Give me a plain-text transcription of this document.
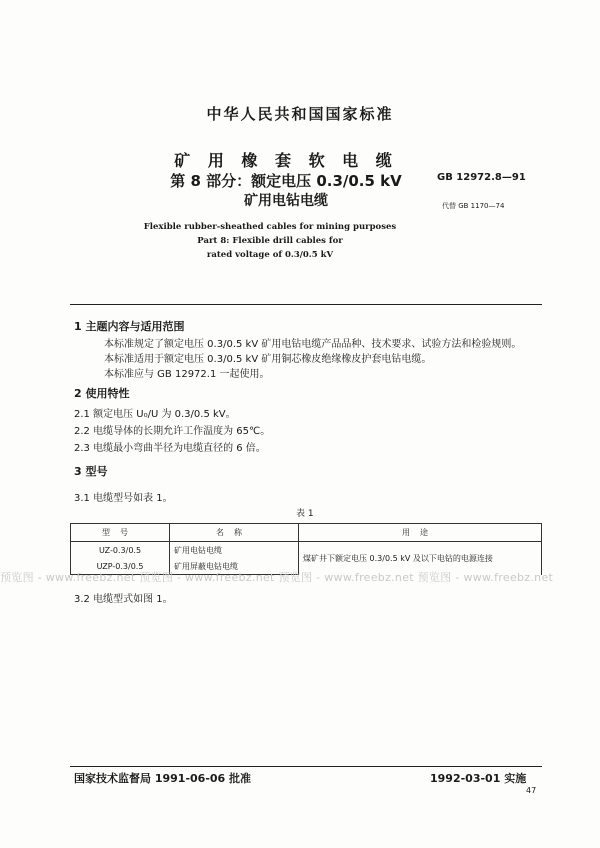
中华人民共和国国家标准
矿 用 橡 套 软 电 缆
第 8 部分：额定电压 0.3/0.5 kV
矿用电钻电缆
GB 12972.8—91
代替 GB 1170—74
Flexible rubber-sheathed cables for mining purposes
Part 8: Flexible drill cables for
rated voltage of 0.3/0.5 kV
1 主题内容与适用范围
本标准规定了额定电压 0.3/0.5 kV 矿用电钻电缆产品品种、技术要求、试验方法和检验规则。
本标准适用于额定电压 0.3/0.5 kV 矿用铜芯橡皮绝缘橡皮护套电钻电缆。
本标准应与 GB 12972.1 一起使用。
2 使用特性
2.1 额定电压 U₀/U 为 0.3/0.5 kV。
2.2 电缆导体的长期允许工作温度为 65℃。
2.3 电缆最小弯曲半径为电缆直径的 6 倍。
3 型号
3.1 电缆型号如表 1。
表 1
型号	名称	用途
UZ-0.3/0.5	矿用电钻电缆	煤矿井下额定电压 0.3/0.5 kV 及以下电钻的电源连接
UZP-0.3/0.5	矿用屏蔽电钻电缆	
预览图 - www.freebz.net 预览图 - www.freebz.net 预览图 - www.freebz.net 预览图 - www.freebz.net
3.2 电缆型式如图 1。
国家技术监督局 1991-06-06 批准	1992-03-01 实施
47
